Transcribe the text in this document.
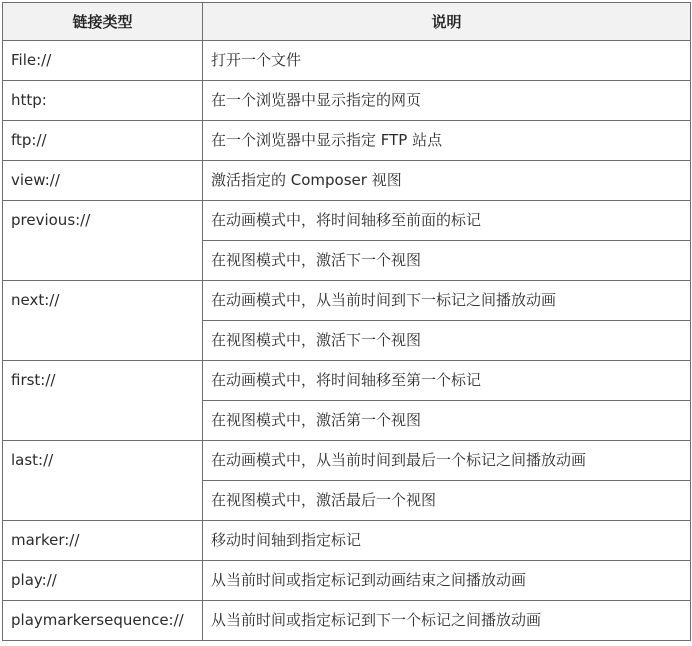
链接类型	说明
File://	打开一个文件
http:	在一个浏览器中显示指定的网页
ftp://	在一个浏览器中显示指定 FTP 站点
view://	激活指定的 Composer 视图
previous://	在动画模式中，将时间轴移至前面的标记
	在视图模式中，激活下一个视图
next://	在动画模式中，从当前时间到下一标记之间播放动画
	在视图模式中，激活下一个视图
first://	在动画模式中，将时间轴移至第一个标记
	在视图模式中，激活第一个视图
last://	在动画模式中，从当前时间到最后一个标记之间播放动画
	在视图模式中，激活最后一个视图
marker://	移动时间轴到指定标记
play://	从当前时间或指定标记到动画结束之间播放动画
playmarkersequence://	从当前时间或指定标记到下一个标记之间播放动画
